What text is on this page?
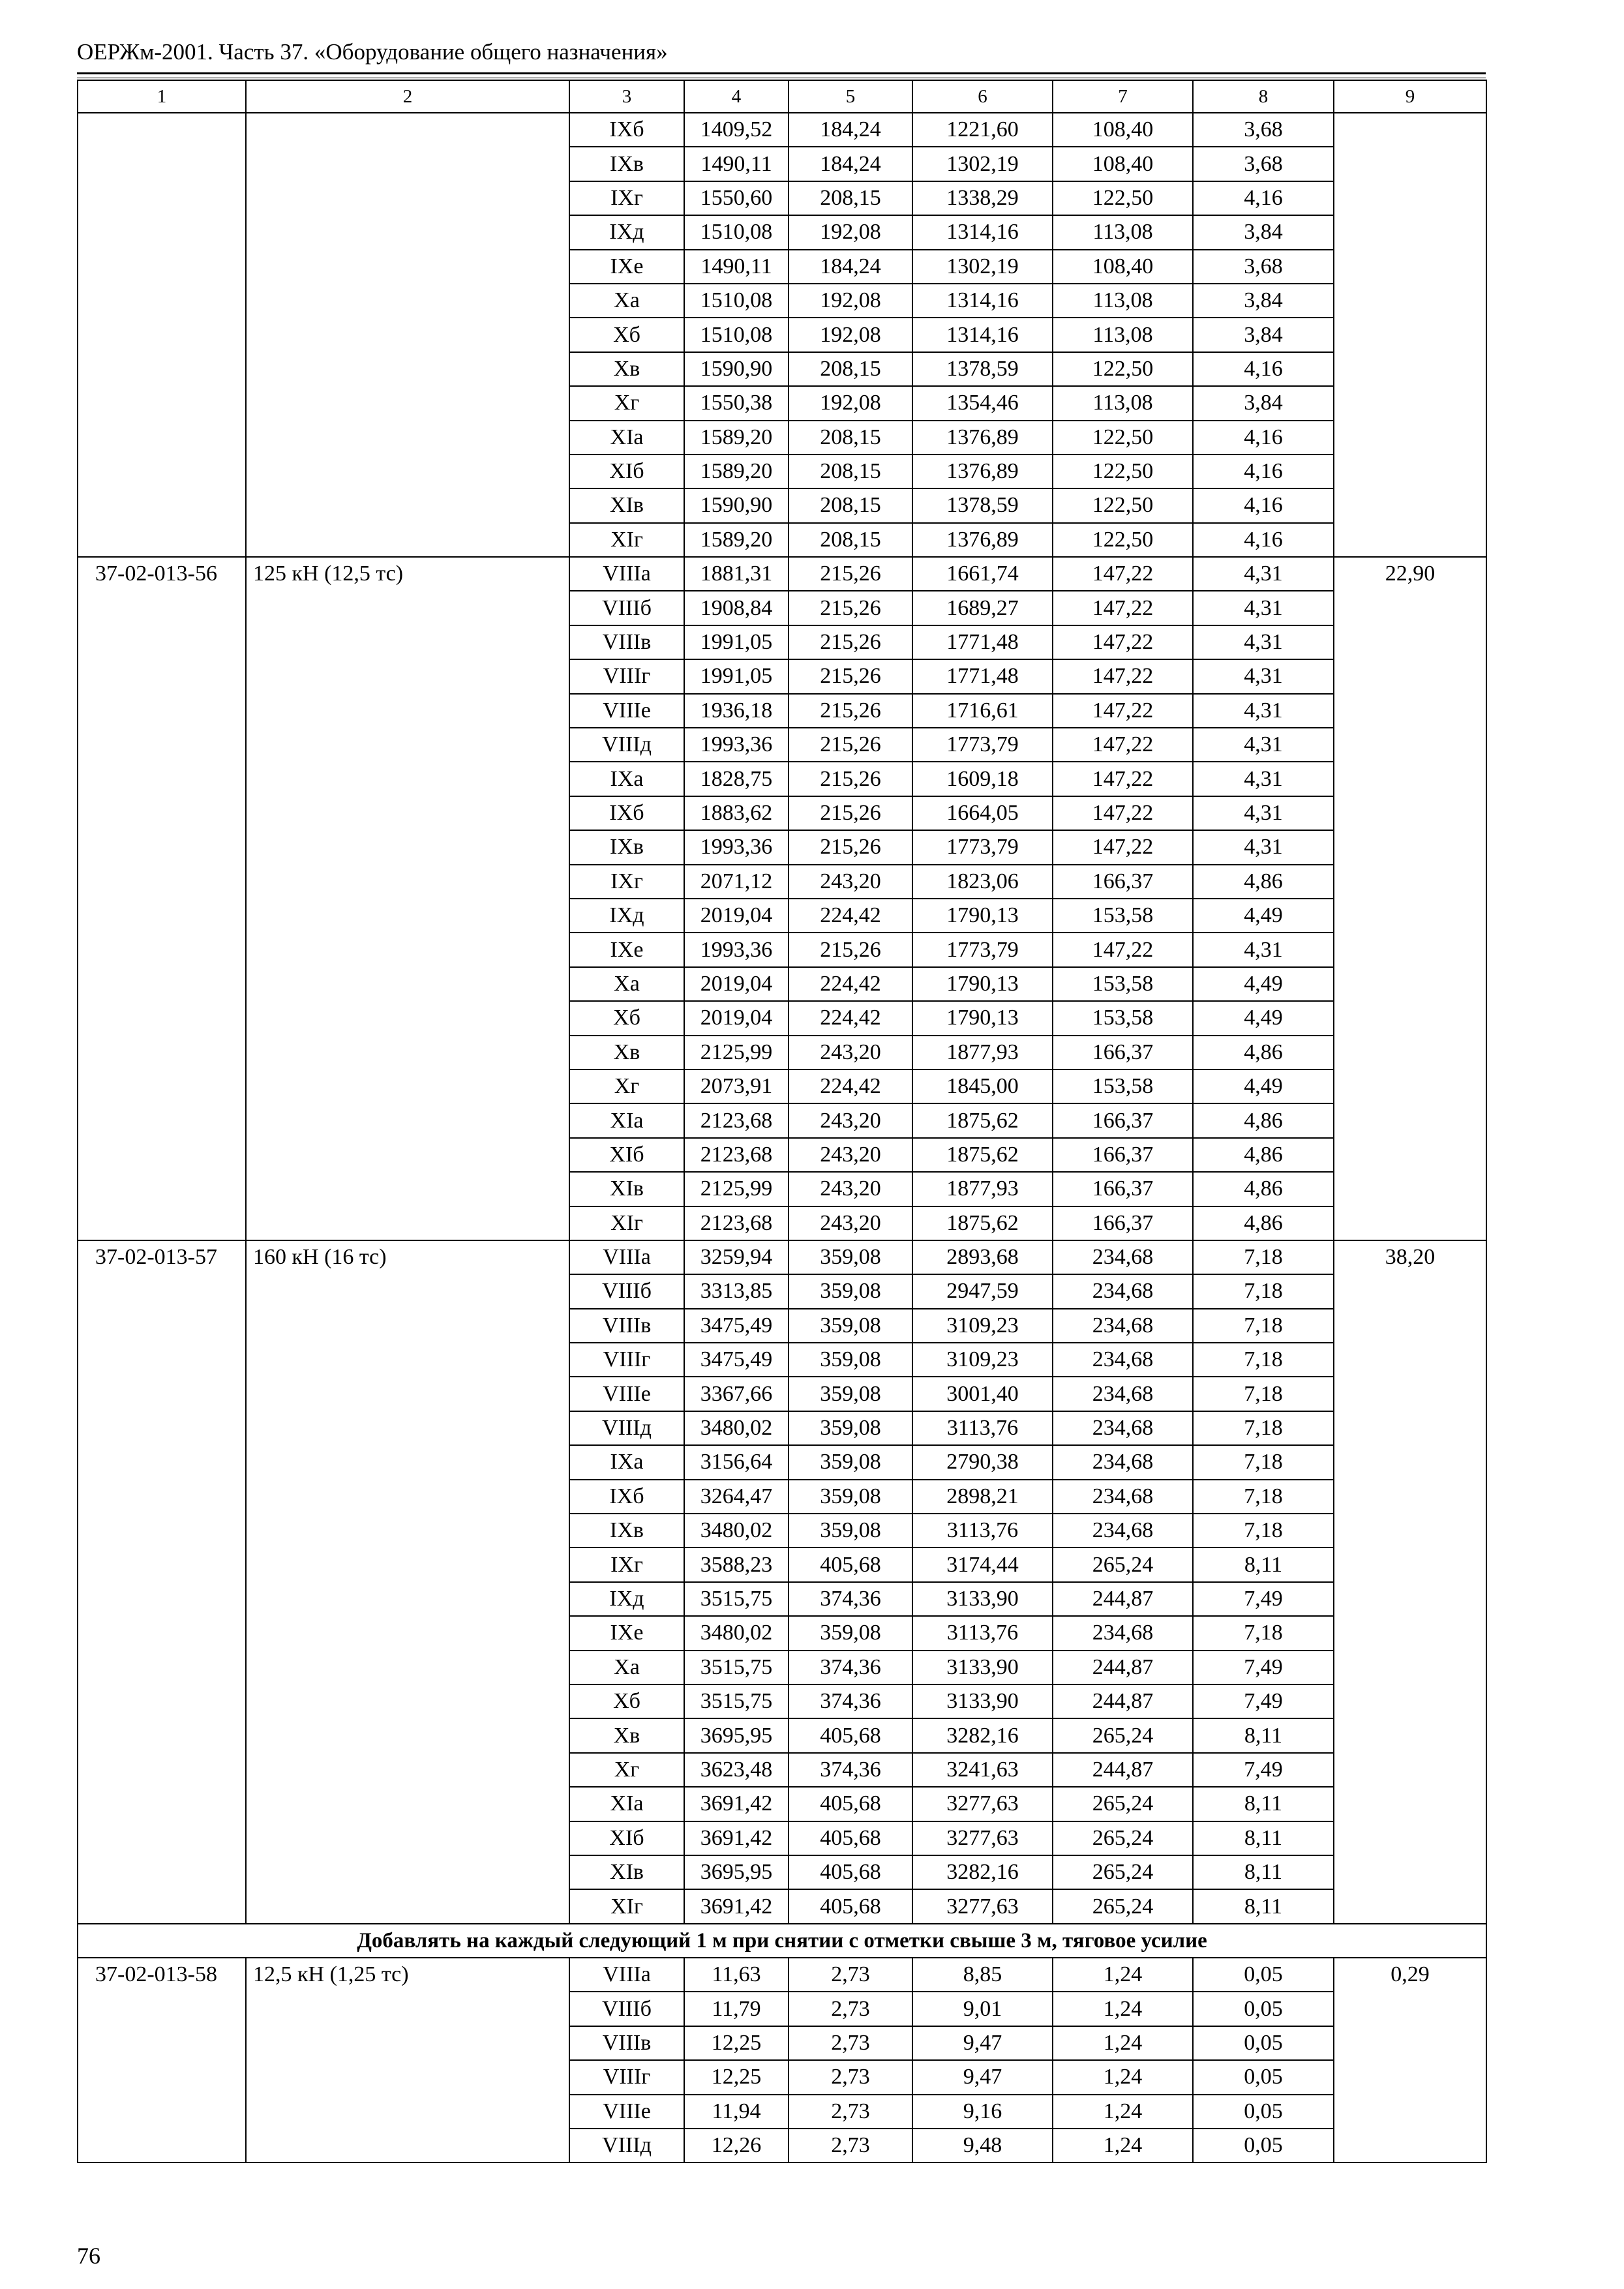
ОЕРЖм-2001. Часть 37. «Оборудование общего назначения»
1	2	3	4	5	6	7	8	9
		IXб	1409,52	184,24	1221,60	108,40	3,68	
		IXв	1490,11	184,24	1302,19	108,40	3,68	
		IXг	1550,60	208,15	1338,29	122,50	4,16	
		IXд	1510,08	192,08	1314,16	113,08	3,84	
		IXe	1490,11	184,24	1302,19	108,40	3,68	
		Xa	1510,08	192,08	1314,16	113,08	3,84	
		Xб	1510,08	192,08	1314,16	113,08	3,84	
		Xв	1590,90	208,15	1378,59	122,50	4,16	
		Xг	1550,38	192,08	1354,46	113,08	3,84	
		XIa	1589,20	208,15	1376,89	122,50	4,16	
		XIб	1589,20	208,15	1376,89	122,50	4,16	
		XIв	1590,90	208,15	1378,59	122,50	4,16	
		XIг	1589,20	208,15	1376,89	122,50	4,16	
37-02-013-56	125 кН (12,5 тс)	VIIIa	1881,31	215,26	1661,74	147,22	4,31	22,90
		VIIIб	1908,84	215,26	1689,27	147,22	4,31	
		VIIIв	1991,05	215,26	1771,48	147,22	4,31	
		VIIIг	1991,05	215,26	1771,48	147,22	4,31	
		VIIIe	1936,18	215,26	1716,61	147,22	4,31	
		VIIIд	1993,36	215,26	1773,79	147,22	4,31	
		IXa	1828,75	215,26	1609,18	147,22	4,31	
		IXб	1883,62	215,26	1664,05	147,22	4,31	
		IXв	1993,36	215,26	1773,79	147,22	4,31	
		IXг	2071,12	243,20	1823,06	166,37	4,86	
		IXд	2019,04	224,42	1790,13	153,58	4,49	
		IXe	1993,36	215,26	1773,79	147,22	4,31	
		Xa	2019,04	224,42	1790,13	153,58	4,49	
		Xб	2019,04	224,42	1790,13	153,58	4,49	
		Xв	2125,99	243,20	1877,93	166,37	4,86	
		Xг	2073,91	224,42	1845,00	153,58	4,49	
		XIa	2123,68	243,20	1875,62	166,37	4,86	
		XIб	2123,68	243,20	1875,62	166,37	4,86	
		XIв	2125,99	243,20	1877,93	166,37	4,86	
		XIг	2123,68	243,20	1875,62	166,37	4,86	
37-02-013-57	160 кН (16 тс)	VIIIa	3259,94	359,08	2893,68	234,68	7,18	38,20
		VIIIб	3313,85	359,08	2947,59	234,68	7,18	
		VIIIв	3475,49	359,08	3109,23	234,68	7,18	
		VIIIг	3475,49	359,08	3109,23	234,68	7,18	
		VIIIe	3367,66	359,08	3001,40	234,68	7,18	
		VIIIд	3480,02	359,08	3113,76	234,68	7,18	
		IXa	3156,64	359,08	2790,38	234,68	7,18	
		IXб	3264,47	359,08	2898,21	234,68	7,18	
		IXв	3480,02	359,08	3113,76	234,68	7,18	
		IXг	3588,23	405,68	3174,44	265,24	8,11	
		IXд	3515,75	374,36	3133,90	244,87	7,49	
		IXe	3480,02	359,08	3113,76	234,68	7,18	
		Xa	3515,75	374,36	3133,90	244,87	7,49	
		Xб	3515,75	374,36	3133,90	244,87	7,49	
		Xв	3695,95	405,68	3282,16	265,24	8,11	
		Xг	3623,48	374,36	3241,63	244,87	7,49	
		XIa	3691,42	405,68	3277,63	265,24	8,11	
		XIб	3691,42	405,68	3277,63	265,24	8,11	
		XIв	3695,95	405,68	3282,16	265,24	8,11	
		XIг	3691,42	405,68	3277,63	265,24	8,11	
Добавлять на каждый следующий 1 м при снятии с отметки свыше 3 м, тяговое усилие								
37-02-013-58	12,5 кН (1,25 тс)	VIIIa	11,63	2,73	8,85	1,24	0,05	0,29
		VIIIб	11,79	2,73	9,01	1,24	0,05	
		VIIIв	12,25	2,73	9,47	1,24	0,05	
		VIIIг	12,25	2,73	9,47	1,24	0,05	
		VIIIe	11,94	2,73	9,16	1,24	0,05	
		VIIIд	12,26	2,73	9,48	1,24	0,05	
76
